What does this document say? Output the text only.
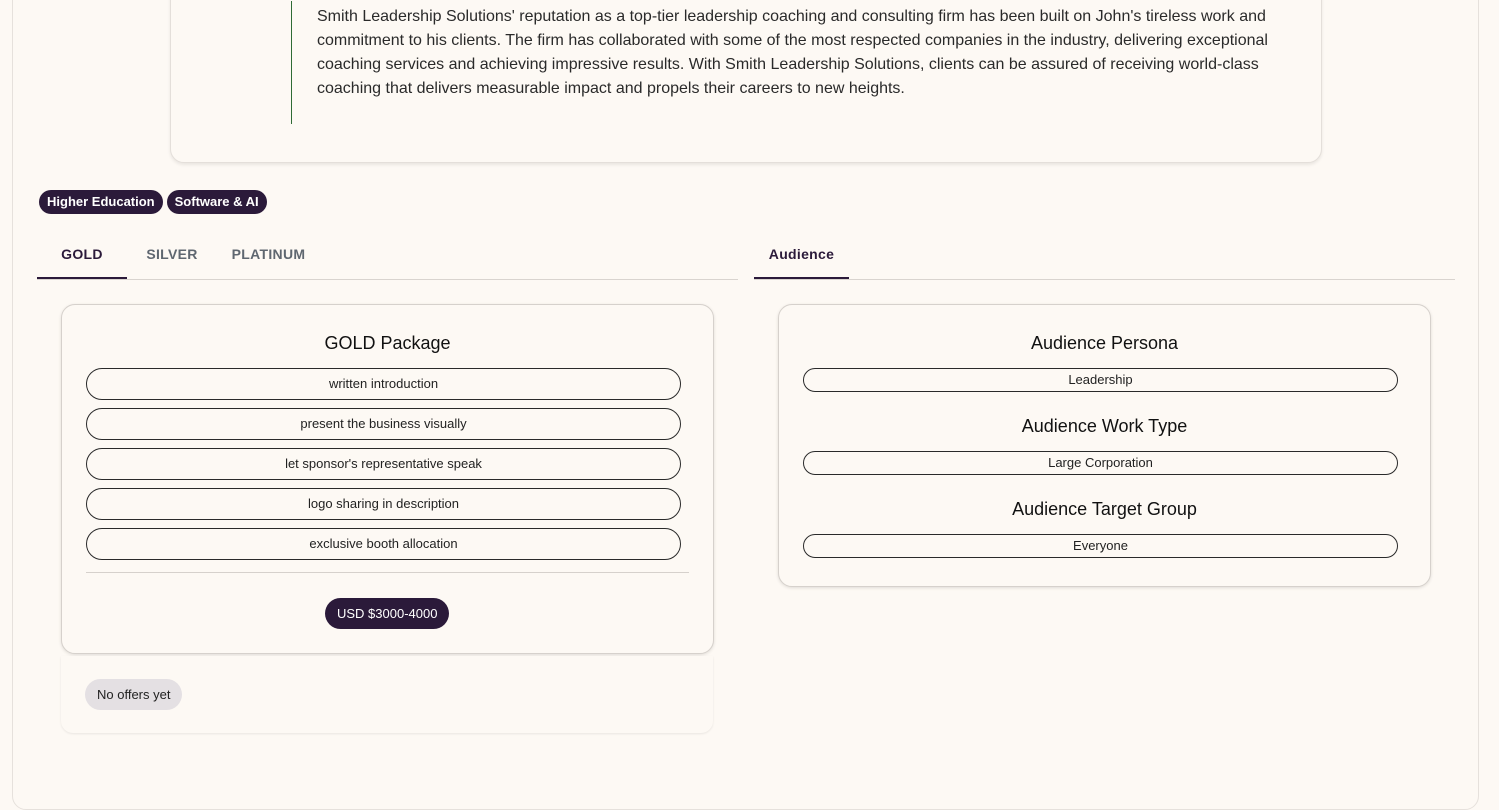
Smith Leadership Solutions' reputation as a top-tier leadership coaching and consulting firm has been built on John's tireless work and commitment to his clients. The firm has collaborated with some of the most respected companies in the industry, delivering exceptional coaching services and achieving impressive results. With Smith Leadership Solutions, clients can be assured of receiving world-class coaching that delivers measurable impact and propels their careers to new heights.

Higher Education	Software & AI
GOLD	SILVER	PLATINUM	Audience
GOLD Package
written introduction
present the business visually
let sponsor's representative speak
logo sharing in description
exclusive booth allocation
USD $3000-4000
No offers yet
Audience Persona
Leadership
Audience Work Type
Large Corporation
Audience Target Group
Everyone
